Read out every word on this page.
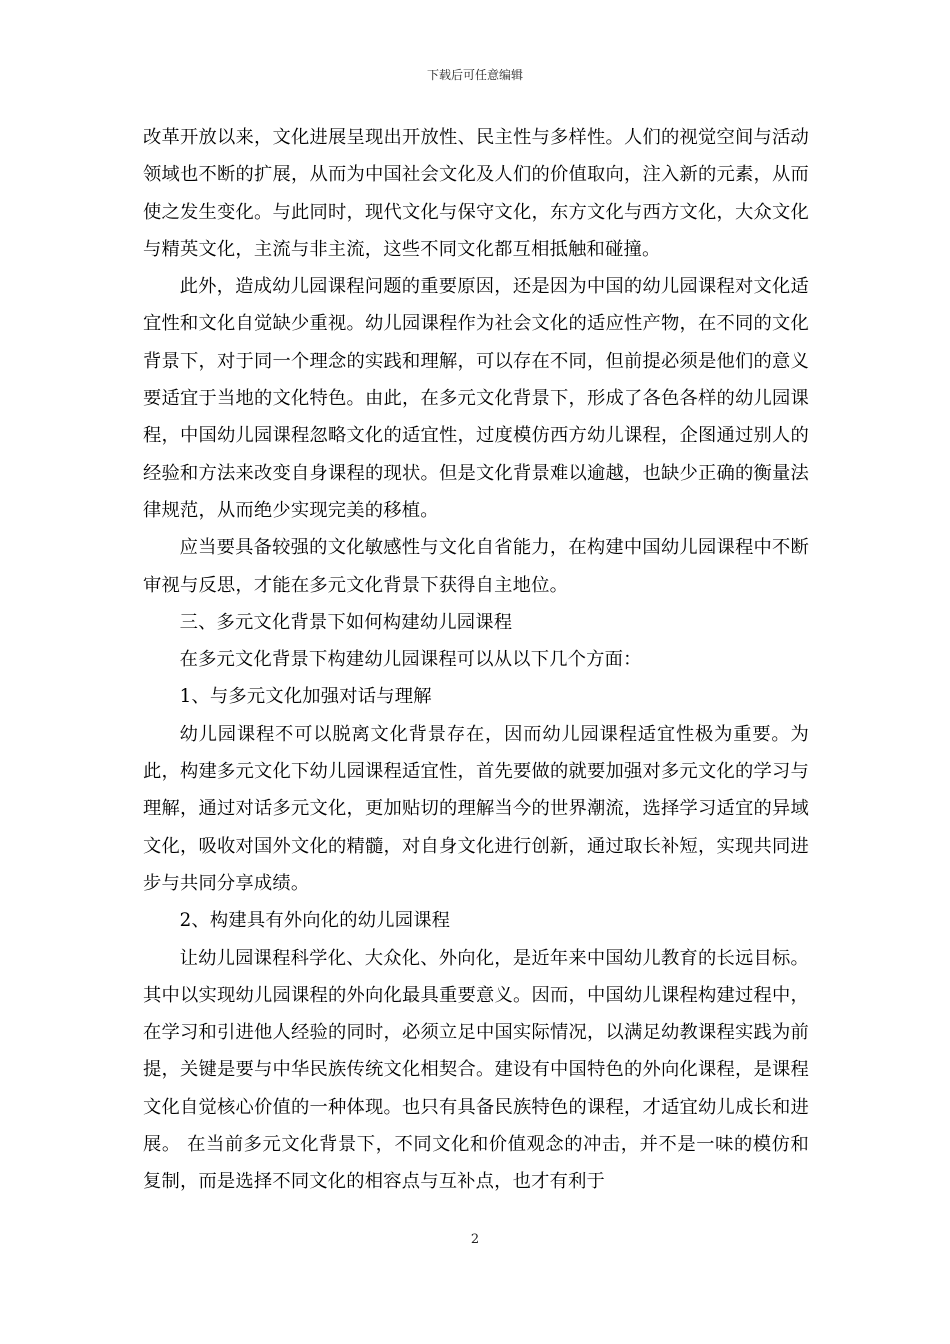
下载后可任意编辑

改革开放以来，文化进展呈现出开放性、民主性与多样性。人们的视觉空间与活动领域也不断的扩展，从而为中国社会文化及人们的价值取向，注入新的元素，从而使之发生变化。与此同时，现代文化与保守文化，东方文化与西方文化，大众文化与精英文化，主流与非主流，这些不同文化都互相抵触和碰撞。

此外，造成幼儿园课程问题的重要原因，还是因为中国的幼儿园课程对文化适宜性和文化自觉缺少重视。幼儿园课程作为社会文化的适应性产物，在不同的文化背景下，对于同一个理念的实践和理解，可以存在不同，但前提必须是他们的意义要适宜于当地的文化特色。由此，在多元文化背景下，形成了各色各样的幼儿园课程，中国幼儿园课程忽略文化的适宜性，过度模仿西方幼儿课程，企图通过别人的经验和方法来改变自身课程的现状。但是文化背景难以逾越，也缺少正确的衡量法律规范，从而绝少实现完美的移植。

应当要具备较强的文化敏感性与文化自省能力，在构建中国幼儿园课程中不断审视与反思，才能在多元文化背景下获得自主地位。

三、多元文化背景下如何构建幼儿园课程

在多元文化背景下构建幼儿园课程可以从以下几个方面：

1、与多元文化加强对话与理解

幼儿园课程不可以脱离文化背景存在，因而幼儿园课程适宜性极为重要。为此，构建多元文化下幼儿园课程适宜性，首先要做的就要加强对多元文化的学习与理解，通过对话多元文化，更加贴切的理解当今的世界潮流，选择学习适宜的异域文化，吸收对国外文化的精髓，对自身文化进行创新，通过取长补短，实现共同进步与共同分享成绩。

2、构建具有外向化的幼儿园课程

让幼儿园课程科学化、大众化、外向化，是近年来中国幼儿教育的长远目标。其中以实现幼儿园课程的外向化最具重要意义。因而，中国幼儿课程构建过程中，在学习和引进他人经验的同时，必须立足中国实际情况，以满足幼教课程实践为前提，关键是要与中华民族传统文化相契合。建设有中国特色的外向化课程，是课程文化自觉核心价值的一种体现。也只有具备民族特色的课程，才适宜幼儿成长和进展。 在当前多元文化背景下，不同文化和价值观念的冲击，并不是一味的模仿和复制，而是选择不同文化的相容点与互补点，也才有利于

2
